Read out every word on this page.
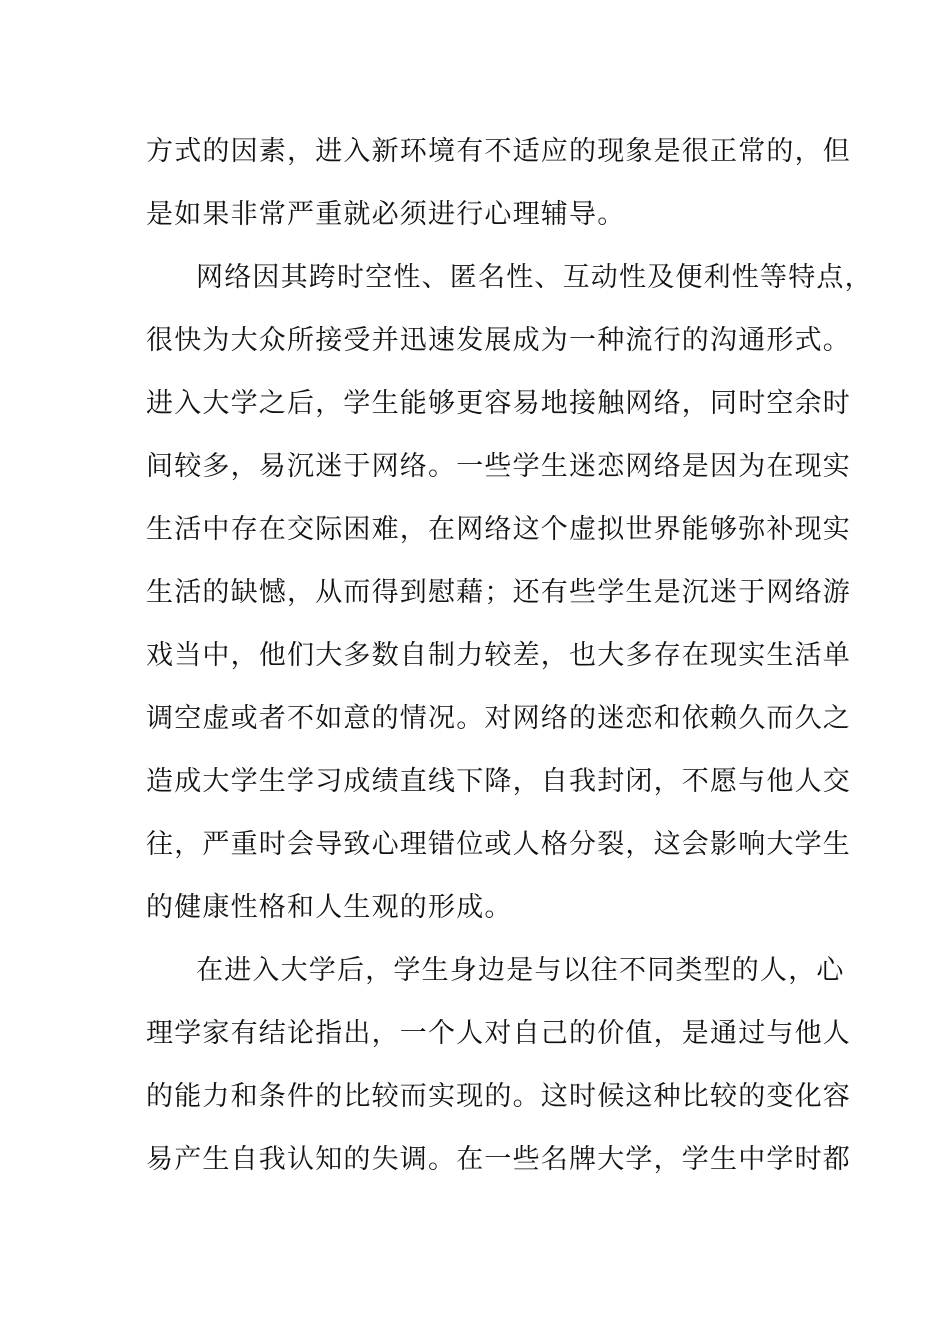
方式的因素，进入新环境有不适应的现象是很正常的，但

是如果非常严重就必须进行心理辅导。

网络因其跨时空性、匿名性、互动性及便利性等特点，

很快为大众所接受并迅速发展成为一种流行的沟通形式。

进入大学之后，学生能够更容易地接触网络，同时空余时

间较多，易沉迷于网络。一些学生迷恋网络是因为在现实

生活中存在交际困难，在网络这个虚拟世界能够弥补现实

生活的缺憾，从而得到慰藉；还有些学生是沉迷于网络游

戏当中，他们大多数自制力较差，也大多存在现实生活单

调空虚或者不如意的情况。对网络的迷恋和依赖久而久之

造成大学生学习成绩直线下降，自我封闭，不愿与他人交

往，严重时会导致心理错位或人格分裂，这会影响大学生

的健康性格和人生观的形成。

在进入大学后，学生身边是与以往不同类型的人，心

理学家有结论指出，一个人对自己的价值，是通过与他人

的能力和条件的比较而实现的。这时候这种比较的变化容

易产生自我认知的失调。在一些名牌大学，学生中学时都
